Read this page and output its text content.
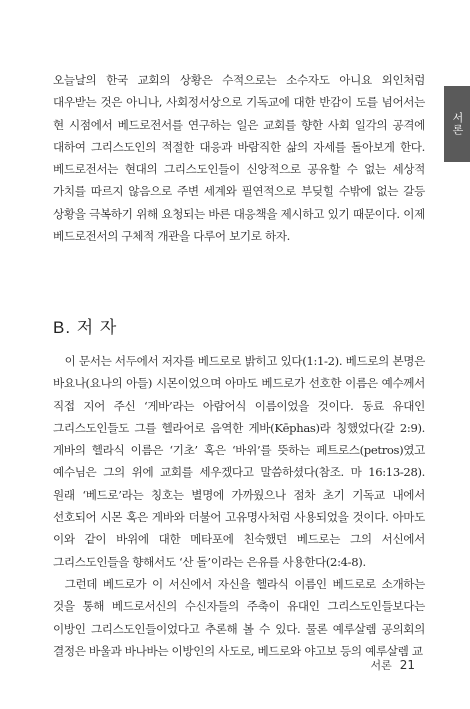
서론

오늘날의 한국 교회의 상황은 수적으로는 소수자도 아니요 외인처럼 대우받는 것은 아니나, 사회정서상으로 기독교에 대한 반감이 도를 넘어서는 현 시점에서 베드로전서를 연구하는 일은 교회를 향한 사회 일각의 공격에 대하여 그리스도인의 적절한 대응과 바람직한 삶의 자세를 돌아보게 한다. 베드로전서는 현대의 그리스도인들이 신앙적으로 공유할 수 없는 세상적 가치를 따르지 않음으로 주변 세계와 필연적으로 부딪힐 수밖에 없는 갈등 상황을 극복하기 위해 요청되는 바른 대응책을 제시하고 있기 때문이다. 이제 베드로전서의 구체적 개관을 다루어 보기로 하자.

B. 저 자

이 문서는 서두에서 저자를 베드로로 밝히고 있다(1:1-2). 베드로의 본명은 바요나(요나의 아들) 시몬이었으며 아마도 베드로가 선호한 이름은 예수께서 직접 지어 주신 ‘게바’라는 아람어식 이름이었을 것이다. 동료 유대인 그리스도인들도 그를 헬라어로 음역한 게바(Kēphas)라 칭했었다(갈 2:9). 게바의 헬라식 이름은 ‘기초’ 혹은 ‘바위’를 뜻하는 페트로스(petros)였고 예수님은 그의 위에 교회를 세우겠다고 말씀하셨다(참조. 마 16:13-28). 원래 ‘베드로’라는 칭호는 별명에 가까웠으나 점차 초기 기독교 내에서 선호되어 시몬 혹은 게바와 더불어 고유명사처럼 사용되었을 것이다. 아마도 이와 같이 바위에 대한 메타포에 친숙했던 베드로는 그의 서신에서 그리스도인들을 향해서도 ‘산 돌’이라는 은유를 사용한다(2:4-8).

그런데 베드로가 이 서신에서 자신을 헬라식 이름인 베드로로 소개하는 것을 통해 베드로서신의 수신자들의 주축이 유대인 그리스도인들보다는 이방인 그리스도인들이었다고 추론해 볼 수 있다. 물론 예루살렘 공의회의 결정은 바울과 바나바는 이방인의 사도로, 베드로와 야고보 등의 예루살렘 교

서론 21
